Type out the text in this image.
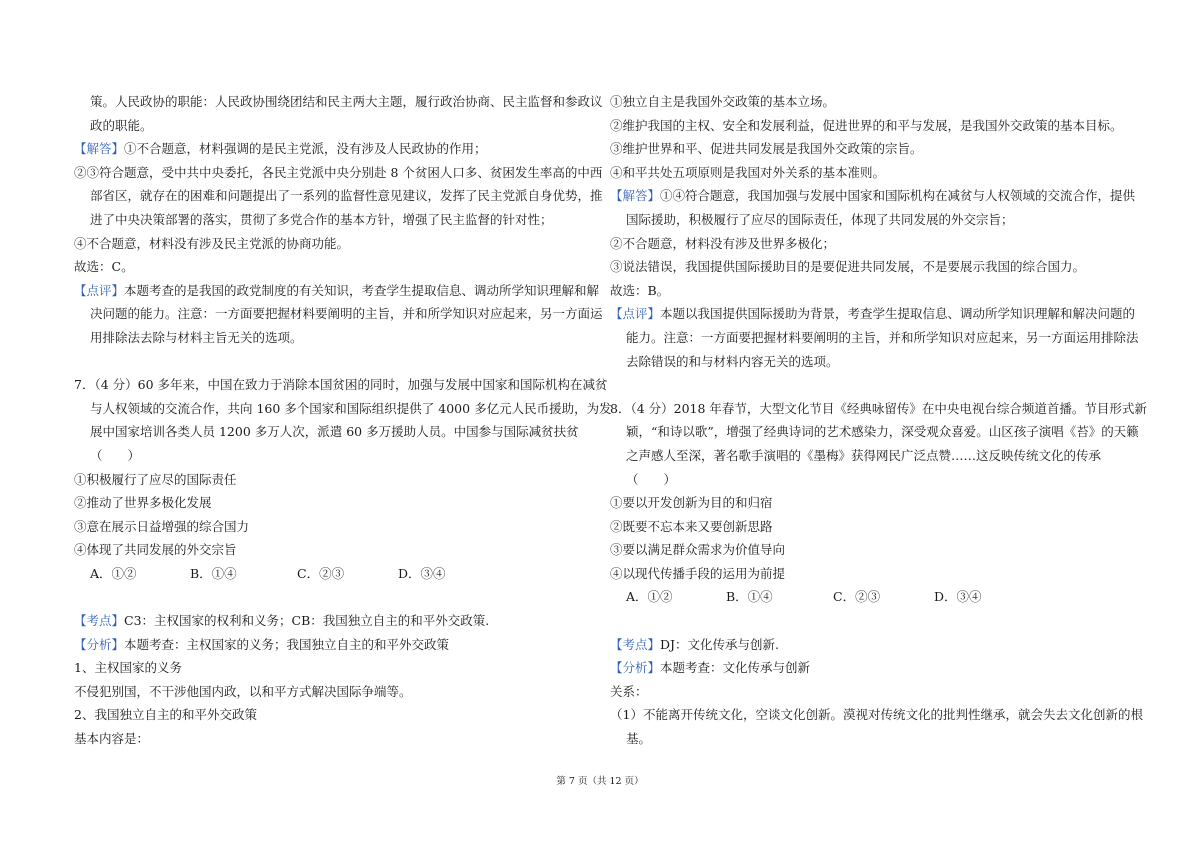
策。人民政协的职能：人民政协围绕团结和民主两大主题，履行政治协商、民主监督和参政议

政的职能。

【解答】①不合题意，材料强调的是民主党派，没有涉及人民政协的作用；

②③符合题意，受中共中央委托，各民主党派中央分别赴 8 个贫困人口多、贫困发生率高的中西

部省区，就存在的困难和问题提出了一系列的监督性意见建议，发挥了民主党派自身优势，推

进了中央决策部署的落实，贯彻了多党合作的基本方针，增强了民主监督的针对性；

④不合题意，材料没有涉及民主党派的协商功能。

故选：C。

【点评】本题考查的是我国的政党制度的有关知识，考查学生提取信息、调动所学知识理解和解

决问题的能力。注意：一方面要把握材料要阐明的主旨，并和所学知识对应起来，另一方面运

用排除法去除与材料主旨无关的选项。

7．（4 分）60 多年来，中国在致力于消除本国贫困的同时，加强与发展中国家和国际机构在减贫

与人权领域的交流合作，共向 160 多个国家和国际组织提供了 4000 多亿元人民币援助，为发

展中国家培训各类人员 1200 多万人次，派遣 60 多万援助人员。中国参与国际减贫扶贫

（　　）

①积极履行了应尽的国际责任

②推动了世界多极化发展

③意在展示日益增强的综合国力

④体现了共同发展的外交宗旨

A．①②	B．①④	C．②③	D．③④

【考点】C3：主权国家的权利和义务；CB：我国独立自主的和平外交政策.

【分析】本题考查：主权国家的义务；我国独立自主的和平外交政策

1、主权国家的义务

不侵犯别国，不干涉他国内政，以和平方式解决国际争端等。

2、我国独立自主的和平外交政策

基本内容是：

①独立自主是我国外交政策的基本立场。

②维护我国的主权、安全和发展利益，促进世界的和平与发展，是我国外交政策的基本目标。

③维护世界和平、促进共同发展是我国外交政策的宗旨。

④和平共处五项原则是我国对外关系的基本准则。

【解答】①④符合题意，我国加强与发展中国家和国际机构在减贫与人权领域的交流合作，提供

国际援助，积极履行了应尽的国际责任，体现了共同发展的外交宗旨；

②不合题意，材料没有涉及世界多极化；

③说法错误，我国提供国际援助目的是要促进共同发展，不是要展示我国的综合国力。

故选：B。

【点评】本题以我国提供国际援助为背景，考查学生提取信息、调动所学知识理解和解决问题的

能力。注意：一方面要把握材料要阐明的主旨，并和所学知识对应起来，另一方面运用排除法

去除错误的和与材料内容无关的选项。

8．（4 分）2018 年春节，大型文化节目《经典咏留传》在中央电视台综合频道首播。节目形式新

颖，“和诗以歌”，增强了经典诗词的艺术感染力，深受观众喜爱。山区孩子演唱《苔》的天籁

之声感人至深，著名歌手演唱的《墨梅》获得网民广泛点赞……这反映传统文化的传承

（　　）

①要以开发创新为目的和归宿

②既要不忘本来又要创新思路

③要以满足群众需求为价值导向

④以现代传播手段的运用为前提

A．①②	B．①④	C．②③	D．③④

【考点】DJ：文化传承与创新.

【分析】本题考查：文化传承与创新

关系：

（1）不能离开传统文化，空谈文化创新。漠视对传统文化的批判性继承，就会失去文化创新的根

基。

第 7 页（共 12 页）
